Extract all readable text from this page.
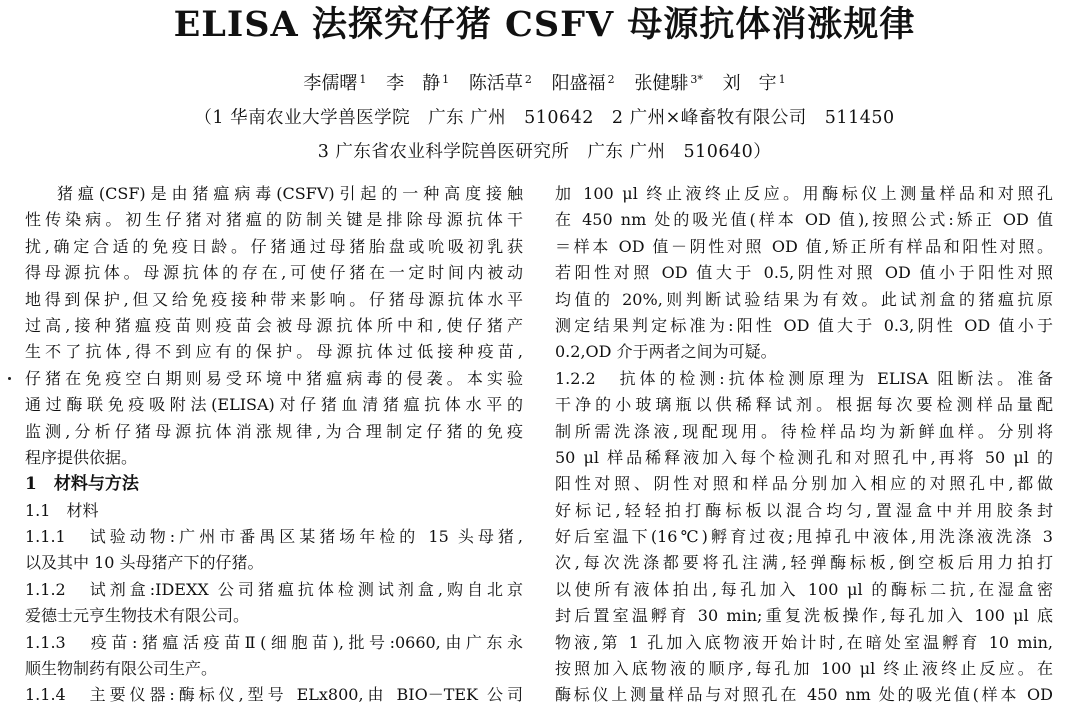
ELISA 法探究仔猪 CSFV 母源抗体消涨规律
李儒曙 $^1$ 李　静 $^1$ 陈活草 $^2$ 阳盛福 $^2$ 张健騑 $^{3*}$ 刘　宇 $^1$
（1 华南农业大学兽医学院　广东 广州　510642　2 广州×峰畜牧有限公司　511450
3 广东省农业科学院兽医研究所　广东 广州　510640）
猪瘟(CSF)是由猪瘟病毒(CSFV)引起的一种高度接触
性传染病。初生仔猪对猪瘟的防制关键是排除母源抗体干
扰,确定合适的免疫日龄。仔猪通过母猪胎盘或吮吸初乳获
得母源抗体。母源抗体的存在,可使仔猪在一定时间内被动
地得到保护,但又给免疫接种带来影响。仔猪母源抗体水平
过高,接种猪瘟疫苗则疫苗会被母源抗体所中和,使仔猪产
生不了抗体,得不到应有的保护。母源抗体过低接种疫苗,
仔猪在免疫空白期则易受环境中猪瘟病毒的侵袭。本实验
通过酶联免疫吸附法(ELISA)对仔猪血清猪瘟抗体水平的
监测,分析仔猪母源抗体消涨规律,为合理制定仔猪的免疫
程序提供依据。
1　材料与方法
1.1　材料
1.1.1　试验动物:广州市番禺区某猪场年检的 15 头母猪,
以及其中 10 头母猪产下的仔猪。
1.1.2　试剂盒:IDEXX 公司猪瘟抗体检测试剂盒,购自北京
爱德士元亨生物技术有限公司。
1.1.3　疫苗:猪瘟活疫苗Ⅱ(细胞苗),批号:0660,由广东永
顺生物制药有限公司生产。
1.1.4　主要仪器:酶标仪,型号 ELx800,由 BIO－TEK 公司
加 100 μl 终止液终止反应。用酶标仪上测量样品和对照孔
在 450 nm 处的吸光值(样本 OD 值),按照公式:矫正 OD 值
＝样本 OD 值－阴性对照 OD 值,矫正所有样品和阳性对照。
若阳性对照 OD 值大于 0.5,阴性对照 OD 值小于阳性对照
均值的 20%,则判断试验结果为有效。此试剂盒的猪瘟抗原
测定结果判定标准为:阳性 OD 值大于 0.3,阴性 OD 值小于
0.2,OD 介于两者之间为可疑。
1.2.2　抗体的检测:抗体检测原理为 ELISA 阻断法。准备
干净的小玻璃瓶以供稀释试剂。根据每次要检测样品量配
制所需洗涤液,现配现用。待检样品均为新鲜血样。分别将
50 μl 样品稀释液加入每个检测孔和对照孔中,再将 50 μl 的
阳性对照、阴性对照和样品分别加入相应的对照孔中,都做
好标记,轻轻拍打酶标板以混合均匀,置湿盒中并用胶条封
好后室温下(16℃)孵育过夜;甩掉孔中液体,用洗涤液洗涤 3
次,每次洗涤都要将孔注满,轻弹酶标板,倒空板后用力拍打
以使所有液体拍出,每孔加入 100 μl 的酶标二抗,在湿盒密
封后置室温孵育 30 min;重复洗板操作,每孔加入 100 μl 底
物液,第 1 孔加入底物液开始计时,在暗处室温孵育 10 min,
按照加入底物液的顺序,每孔加 100 μl 终止液终止反应。在
酶标仪上测量样品与对照孔在 450 nm 处的吸光值(样本 OD
